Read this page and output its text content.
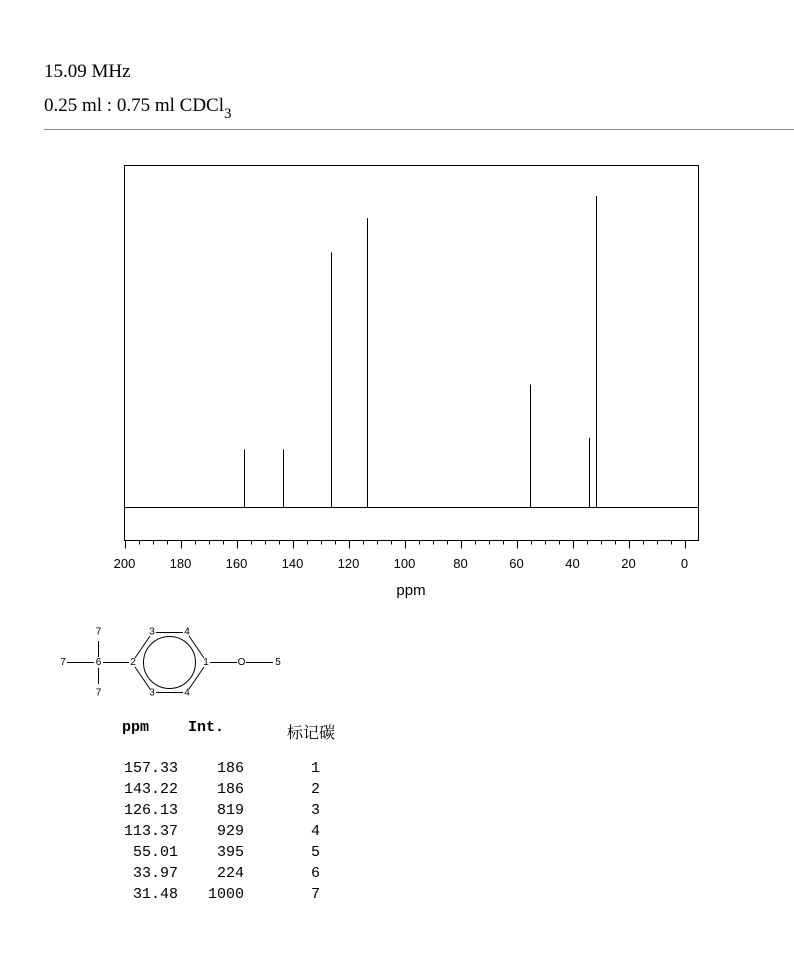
15.09 MHz
0.25 ml : 0.75 ml CDCl$_3$
200	180	160	140	120	100	80	60	40	20	0
ppm
7
7	6
7
2
3	4
3	4
1	O	5
ppm	Int.	标记碳
157.33	186	1
143.22	186	2
126.13	819	3
113.37	929	4
55.01	395	5
33.97	224	6
31.48	1000	7
